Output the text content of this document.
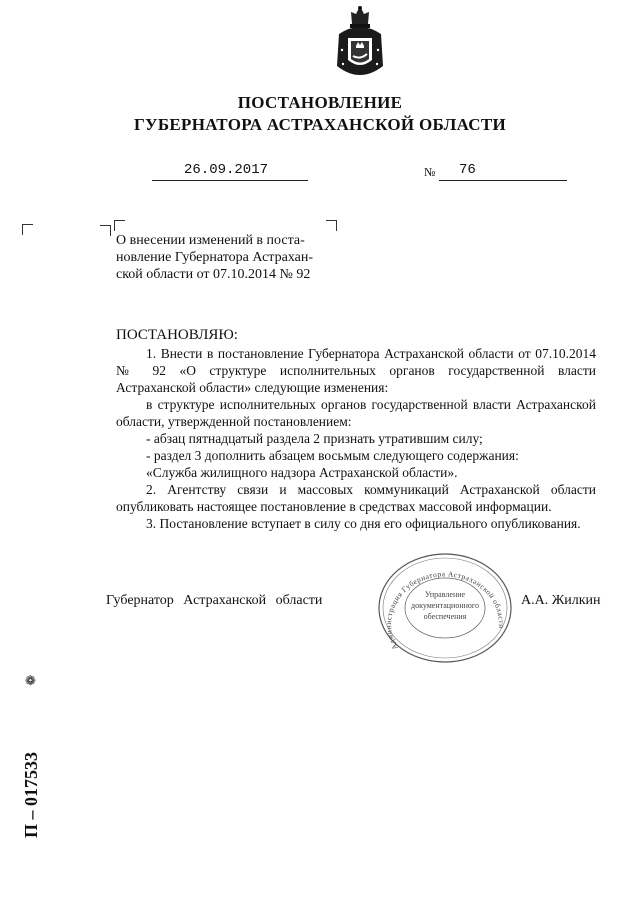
ПОСТАНОВЛЕНИЕ
ГУБЕРНАТОРА АСТРАХАНСКОЙ ОБЛАСТИ
26.09.2017	№ 76
О внесении изменений в поста-
новление Губернатора Астрахан-
ской области от 07.10.2014 № 92
ПОСТАНОВЛЯЮ:
1. Внести в постановление Губернатора Астраханской области от 07.10.2014 № 92 «О структуре исполнительных органов государственной власти Астраханской области» следующие изменения:
в структуре исполнительных органов государственной власти Астраханской области, утвержденной постановлением:
- абзац пятнадцатый раздела 2 признать утратившим силу;
- раздел 3 дополнить абзацем восьмым следующего содержания:
«Служба жилищного надзора Астраханской области».
2. Агентству связи и массовых коммуникаций Астраханской области опубликовать настоящее постановление в средствах массовой информации.
3. Постановление вступает в силу со дня его официального опубликования.
Губернатор Астраханской области	А.А. Жилкин
Администрация Губернатора Астраханской области
Управление
документационного
обеспечения
❁
П – 017533
